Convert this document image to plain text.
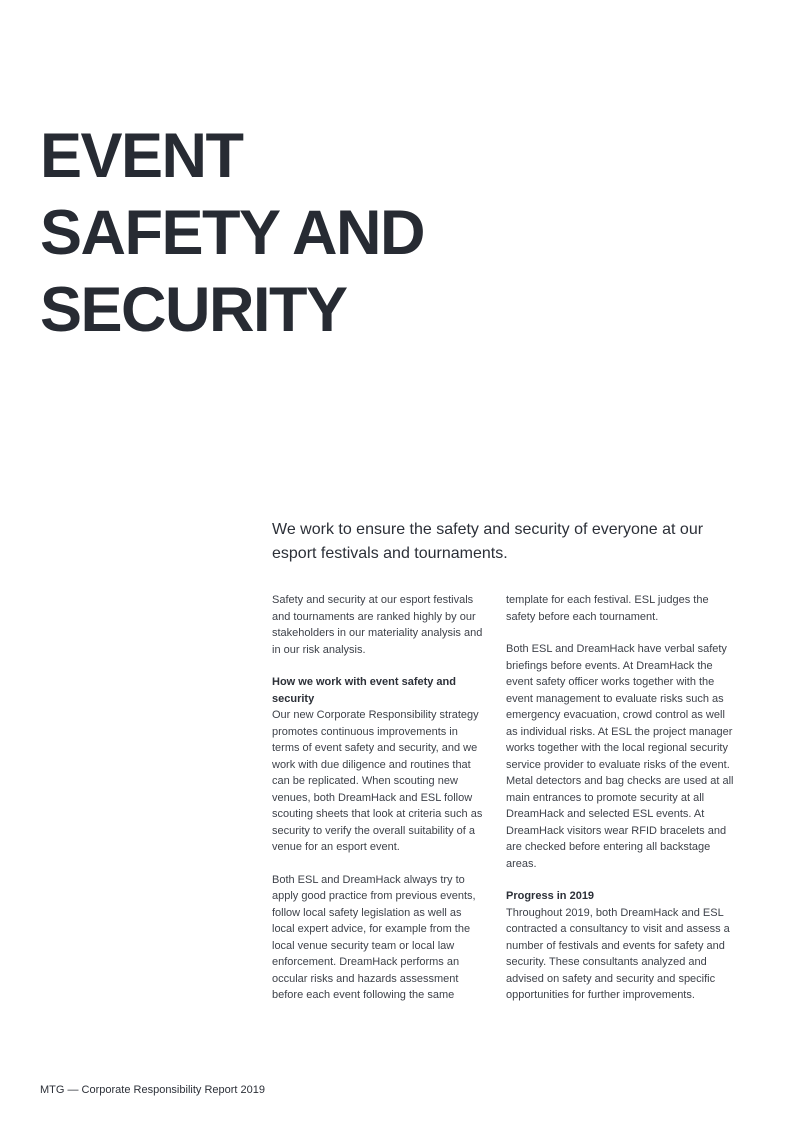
EVENT
SAFETY AND
SECURITY

We work to ensure the safety and security of everyone at our esport festivals and tournaments.

Safety and security at our esport festivals and tournaments are ranked highly by our stakeholders in our materiality analysis and in our risk analysis.

How we work with event safety and security

Our new Corporate Responsibility strategy promotes continuous improvements in terms of event safety and security, and we work with due diligence and routines that can be replicated. When scouting new venues, both DreamHack and ESL follow scouting sheets that look at criteria such as security to verify the overall suitability of a venue for an esport event.

Both ESL and DreamHack always try to apply good practice from previous events, follow local safety legislation as well as local expert advice, for example from the local venue security team or local law enforcement. DreamHack performs an occular risks and hazards assessment before each event following the same

template for each festival. ESL judges the safety before each tournament.

Both ESL and DreamHack have verbal safety briefings before events. At DreamHack the event safety officer works together with the event management to evaluate risks such as emergency evacuation, crowd control as well as individual risks. At ESL the project manager works together with the local regional security service provider to evaluate risks of the event. Metal detectors and bag checks are used at all main entrances to promote security at all DreamHack and selected ESL events. At DreamHack visitors wear RFID bracelets and are checked before entering all backstage areas.

Progress in 2019

Throughout 2019, both DreamHack and ESL contracted a consultancy to visit and assess a number of festivals and events for safety and security. These consultants analyzed and advised on safety and security and specific opportunities for further improvements.

MTG — Corporate Responsibility Report 2019
